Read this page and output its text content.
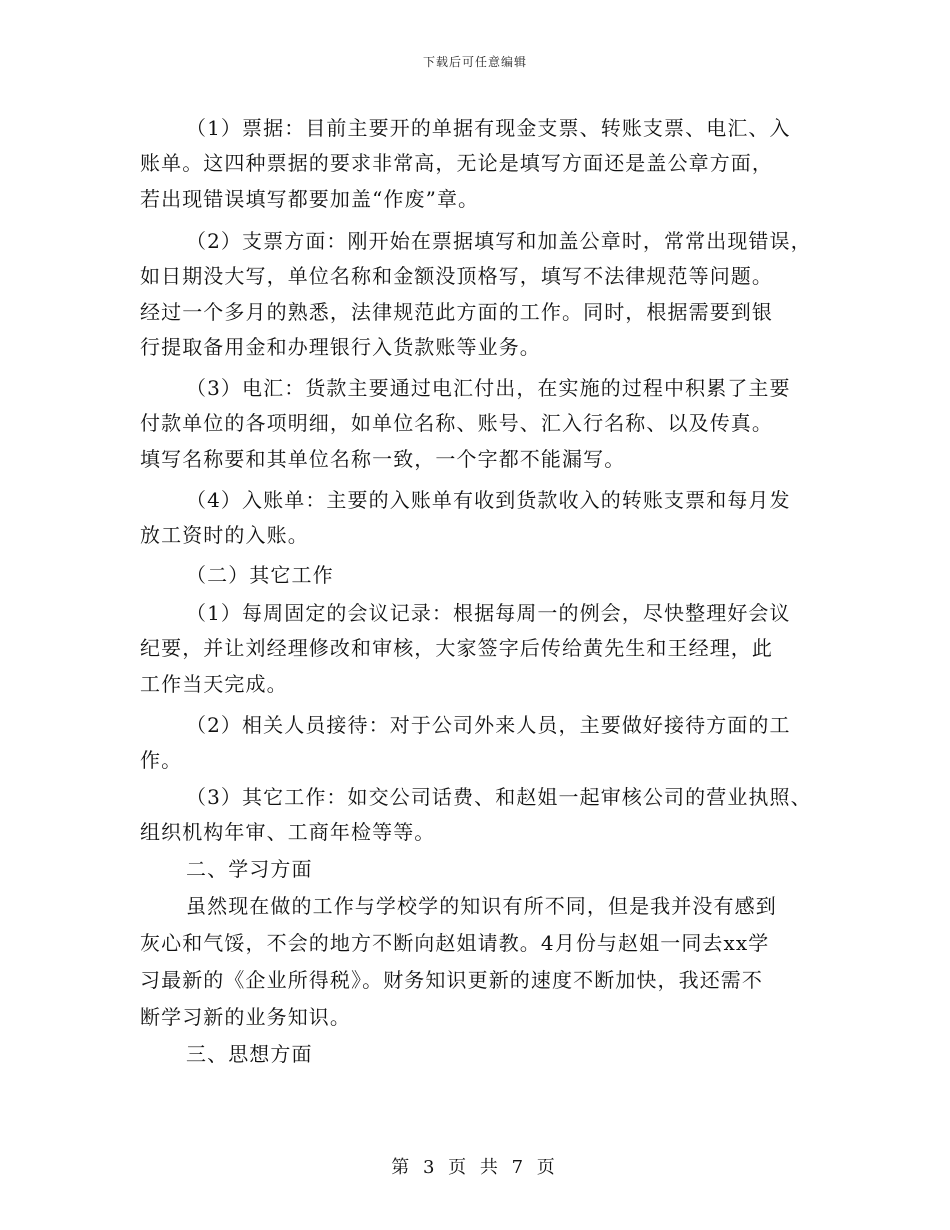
下载后可任意编辑
（1）票据：目前主要开的单据有现金支票、转账支票、电汇、入
账单。这四种票据的要求非常高，无论是填写方面还是盖公章方面，
若出现错误填写都要加盖“作废”章。
（2）支票方面：刚开始在票据填写和加盖公章时，常常出现错误，
如日期没大写，单位名称和金额没顶格写，填写不法律规范等问题。
经过一个多月的熟悉，法律规范此方面的工作。同时，根据需要到银
行提取备用金和办理银行入货款账等业务。
（3）电汇：货款主要通过电汇付出，在实施的过程中积累了主要
付款单位的各项明细，如单位名称、账号、汇入行名称、以及传真。
填写名称要和其单位名称一致，一个字都不能漏写。
（4）入账单：主要的入账单有收到货款收入的转账支票和每月发
放工资时的入账。
（二）其它工作
（1）每周固定的会议记录：根据每周一的例会，尽快整理好会议
纪要，并让刘经理修改和审核，大家签字后传给黄先生和王经理，此
工作当天完成。
（2）相关人员接待：对于公司外来人员，主要做好接待方面的工
作。
（3）其它工作：如交公司话费、和赵姐一起审核公司的营业执照、
组织机构年审、工商年检等等。
二、学习方面
虽然现在做的工作与学校学的知识有所不同，但是我并没有感到
灰心和气馁，不会的地方不断向赵姐请教。4月份与赵姐一同去xx学
习最新的《企业所得税》。财务知识更新的速度不断加快，我还需不
断学习新的业务知识。
三、思想方面
第 3 页 共 7 页
